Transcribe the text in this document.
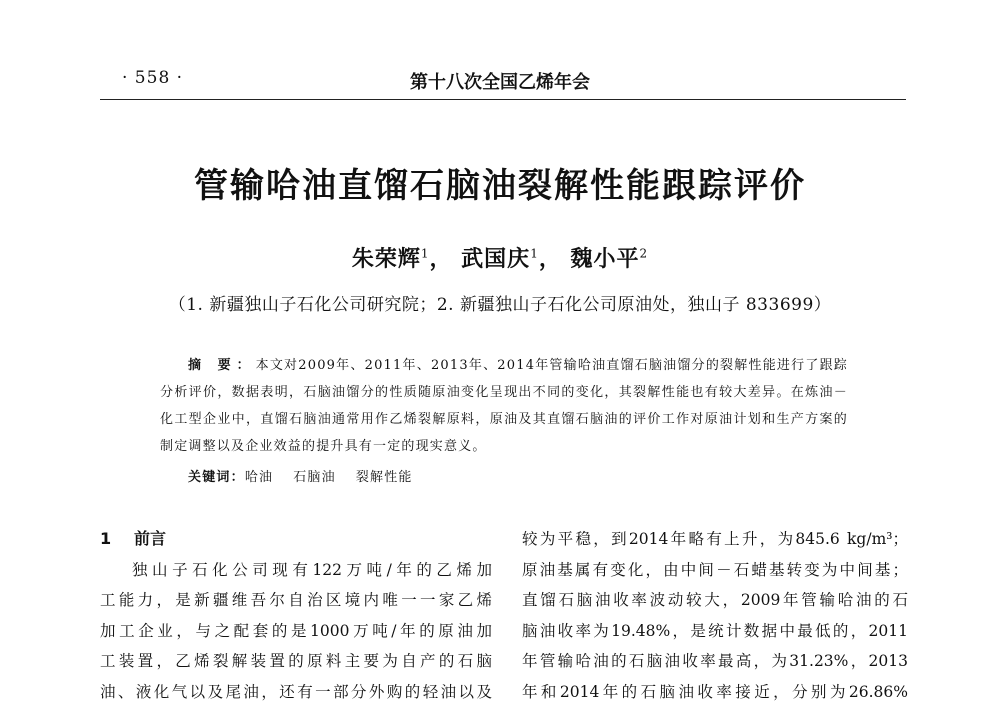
· 558 ·	第十八次全国乙烯年会
管输哈油直馏石脑油裂解性能跟踪评价
朱荣辉$^1$， 武国庆$^1$， 魏小平$^2$
（1. 新疆独山子石化公司研究院；2. 新疆独山子石化公司原油处，独山子 833699）
摘 要：本文对2009年、2011年、2013年、2014年管输哈油直馏石脑油馏分的裂解性能进行了跟踪分析评价，数据表明，石脑油馏分的性质随原油变化呈现出不同的变化，其裂解性能也有较大差异。在炼油－化工型企业中，直馏石脑油通常用作乙烯裂解原料，原油及其直馏石脑油的评价工作对原油计划和生产方案的制定调整以及企业效益的提升具有一定的现实意义。
关键词：哈油 石脑油 裂解性能
1 前言
独山子石化公司现有122万吨/年的乙烯加
工能力，是新疆维吾尔自治区境内唯一一家乙烯
加工企业，与之配套的是1000万吨/年的原油加
工装置，乙烯裂解装置的原料主要为自产的石脑
油、液化气以及尾油，还有一部分外购的轻油以及
较为平稳，到2014年略有上升，为845.6 kg/m³；
原油基属有变化，由中间－石蜡基转变为中间基；
直馏石脑油收率波动较大，2009年管输哈油的石
脑油收率为19.48%，是统计数据中最低的，2011
年管输哈油的石脑油收率最高，为31.23%，2013
年和2014年的石脑油收率接近，分别为26.86%
